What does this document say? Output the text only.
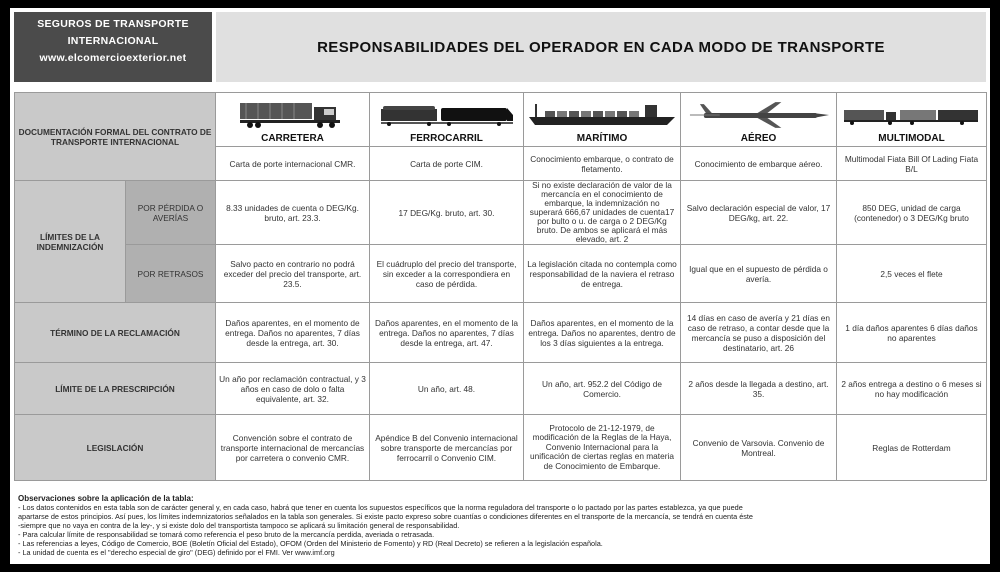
SEGUROS DE TRANSPORTE
INTERNACIONAL
www.elcomercioexterior.net
RESPONSABILIDADES DEL OPERADOR EN CADA MODO DE TRANSPORTE
DOCUMENTACIÓN FORMAL DEL CONTRATO DE TRANSPORTE INTERNACIONAL		CARRETERA	FERROCARRIL	MARÍTIMO	AÉREO	MULTIMODAL

		Carta de porte internacional CMR.	Carta de porte CIM.	Conocimiento embarque, o contrato de fletamento.	Conocimiento de embarque aéreo.	Multimodal Fiata Bill Of Lading Fiata B/L
LÍMITES DE LA INDEMNIZACIÓN	POR PÉRDIDA O AVERÍAS	8.33 unidades de cuenta o DEG/Kg. bruto, art. 23.3.	17 DEG/Kg. bruto, art. 30.	Si no existe declaración de valor de la mercancía en el conocimiento de embarque, la indemnización no superará 666,67 unidades de cuenta17 por bulto o u. de carga o 2 DEG/Kg bruto. De ambos se aplicará el más elevado, art. 2	Salvo declaración especial de valor, 17 DEG/kg, art. 22.	850 DEG, unidad de carga (contenedor) o 3 DEG/Kg bruto
	POR RETRASOS	Salvo pacto en contrario no podrá exceder del precio del transporte, art. 23.5.	El cuádruplo del precio del transporte, sin exceder a la correspondiera en caso de pérdida.	La legislación citada no contempla como responsabilidad de la naviera el retraso de entrega.	Igual que en el supuesto de pérdida o avería.	2,5 veces el flete
TÉRMINO DE LA RECLAMACIÓN		Daños aparentes, en el momento de entrega. Daños no aparentes, 7 días desde la entrega, art. 30.	Daños aparentes, en el momento de la entrega. Daños no aparentes, 7 días desde la entrega, art. 47.	Daños aparentes, en el momento de la entrega. Daños no aparentes, dentro de los 3 días siguientes a la entrega.	14 días en caso de avería y 21 días en caso de retraso, a contar desde que la mercancía se puso a disposición del destinatario, art. 26	1 día daños aparentes 6 días daños no aparentes
LÍMITE DE LA PRESCRIPCIÓN		Un año por reclamación contractual, y 3 años en caso de dolo o falta equivalente, art. 32.	Un año, art. 48.	Un año, art. 952.2 del Código de Comercio.	2 años desde la llegada a destino, art. 35.	2 años entrega a destino o 6 meses si no hay modificación
LEGISLACIÓN		Convención sobre el contrato de transporte internacional de mercancías por carretera o convenio CMR.	Apéndice B del Convenio internacional sobre transporte de mercancías por ferrocarril o Convenio CIM.	Protocolo de 21-12-1979, de modificación de la Reglas de la Haya, Convenio Internacional para la unificación de ciertas reglas en materia de Conocimiento de Embarque.	Convenio de Varsovia. Convenio de Montreal.	Reglas de Rotterdam
Observaciones sobre la aplicación de la tabla:
- Los datos contenidos en esta tabla son de carácter general y, en cada caso, habrá que tener en cuenta los supuestos específicos que la norma reguladora del transporte o lo pactado por las partes establezca, ya que puede
apartarse de estos principios. Así pues, los límites indemnizatorios señalados en la tabla son generales. Si existe pacto expreso sobre cuantías o condiciones diferentes en el transporte de la mercancía, se tendrá en cuenta éste
-siempre que no vaya en contra de la ley-, y si existe dolo del transportista tampoco se aplicará su limitación general de responsabilidad.
- Para calcular límite de responsabilidad se tomará como referencia el peso bruto de la mercancía perdida, averiada o retrasada.
- Las referencias a leyes, Código de Comercio, BOE (Boletín Oficial del Estado), OFOM (Orden del Ministerio de Fomento) y RD (Real Decreto) se refieren a la legislación española.
- La unidad de cuenta es el "derecho especial de giro" (DEG) definido por el FMI. Ver www.imf.org
